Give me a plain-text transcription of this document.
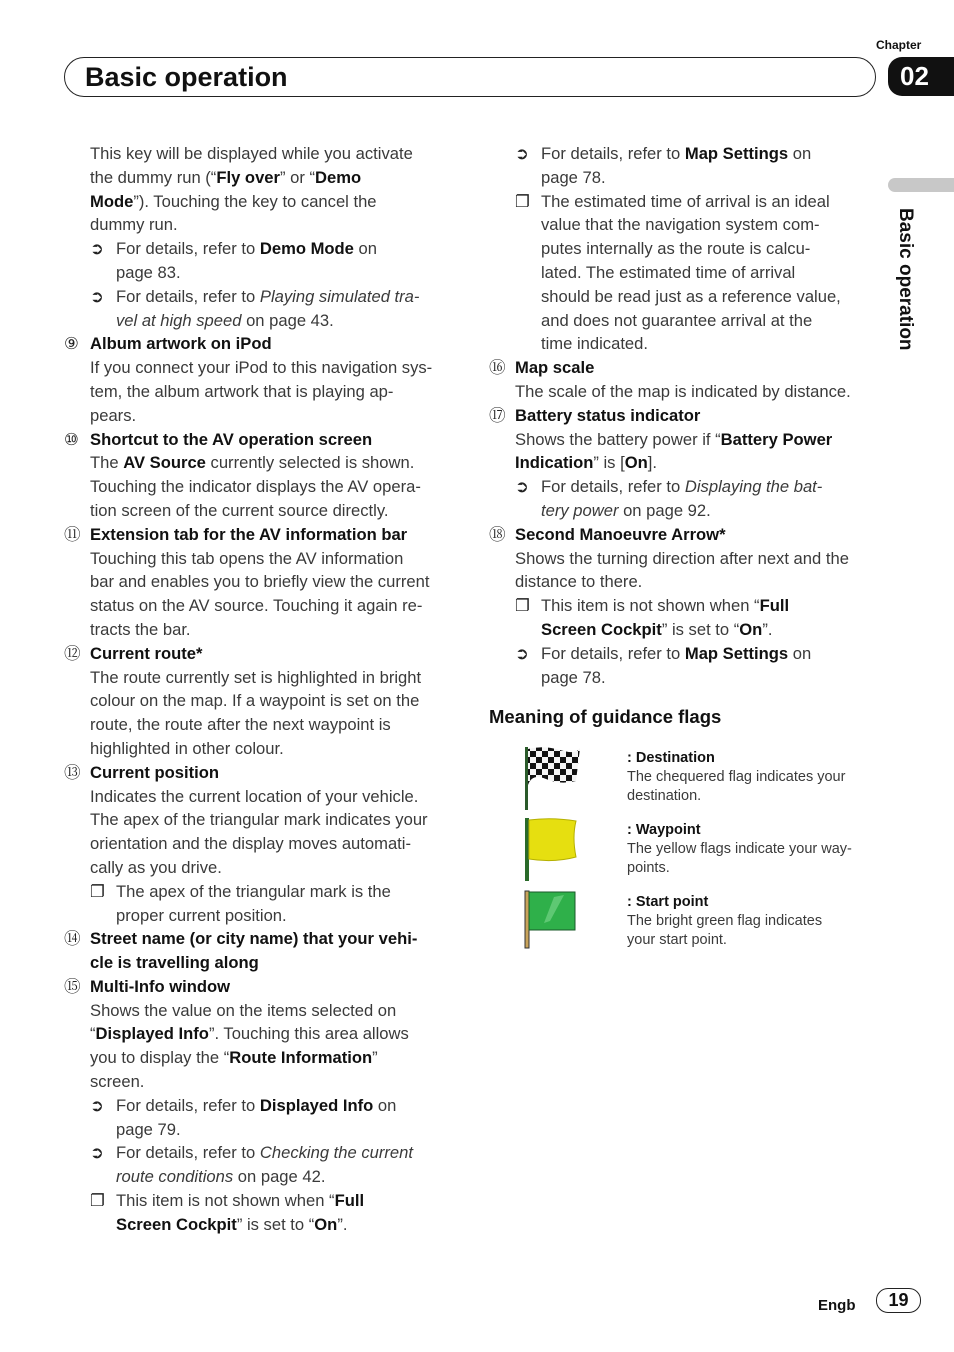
Chapter
Basic operation	02
Basic operation
This key will be displayed while you activate
the dummy run (“Fly over” or “Demo
Mode”). Touching the key to cancel the
dummy run.
➲ For details, refer to Demo Mode on
page 83.
➲ For details, refer to Playing simulated tra-
vel at high speed on page 43.
⑨ Album artwork on iPod
If you connect your iPod to this navigation sys-
tem, the album artwork that is playing ap-
pears.
⑩ Shortcut to the AV operation screen
The AV Source currently selected is shown.
Touching the indicator displays the AV opera-
tion screen of the current source directly.
⑪ Extension tab for the AV information bar
Touching this tab opens the AV information
bar and enables you to briefly view the current
status on the AV source. Touching it again re-
tracts the bar.
⑫ Current route*
The route currently set is highlighted in bright
colour on the map. If a waypoint is set on the
route, the route after the next waypoint is
highlighted in other colour.
⑬ Current position
Indicates the current location of your vehicle.
The apex of the triangular mark indicates your
orientation and the display moves automati-
cally as you drive.
❐ The apex of the triangular mark is the
proper current position.
⑭ Street name (or city name) that your vehi-
cle is travelling along
⑮ Multi-Info window
Shows the value on the items selected on
“Displayed Info”. Touching this area allows
you to display the “Route Information”
screen.
➲ For details, refer to Displayed Info on
page 79.
➲ For details, refer to Checking the current
route conditions on page 42.
❐ This item is not shown when “Full
Screen Cockpit” is set to “On”.
➲ For details, refer to Map Settings on
page 78.
❐ The estimated time of arrival is an ideal
value that the navigation system com-
putes internally as the route is calcu-
lated. The estimated time of arrival
should be read just as a reference value,
and does not guarantee arrival at the
time indicated.
⑯ Map scale
The scale of the map is indicated by distance.
⑰ Battery status indicator
Shows the battery power if “Battery Power
Indication” is [On].
➲ For details, refer to Displaying the bat-
tery power on page 92.
⑱ Second Manoeuvre Arrow*
Shows the turning direction after next and the
distance to there.
❐ This item is not shown when “Full
Screen Cockpit” is set to “On”.
➲ For details, refer to Map Settings on
page 78.
Meaning of guidance flags
: Destination
The chequered flag indicates your
destination.
: Waypoint
The yellow flags indicate your way-
points.
: Start point
The bright green flag indicates
your start point.
Engb	19
